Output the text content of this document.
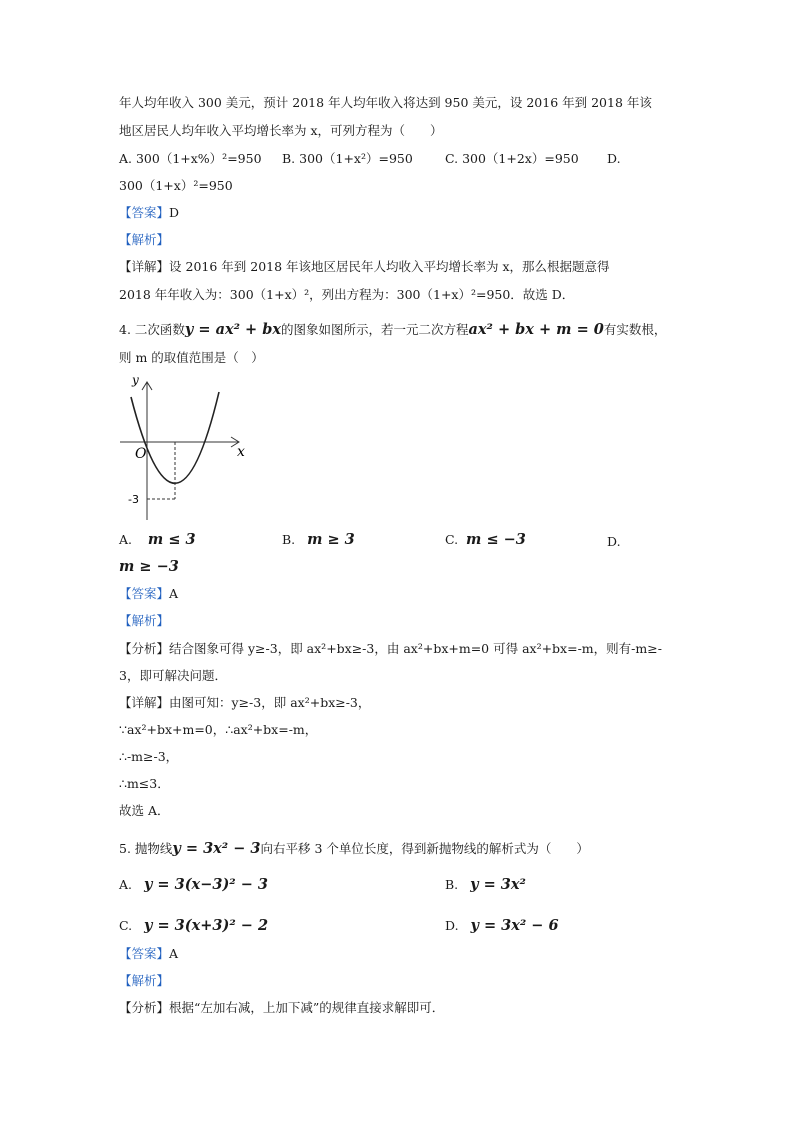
年人均年收入 300 美元，预计 2018 年人均年收入将达到 950 美元，设 2016 年到 2018 年该
地区居民人均年收入平均增长率为 x，可列方程为（　　）
A. 300（1+x%）²=950 B. 300（1+x²）=950	C. 300（1+2x）=950 D.
300（1+x）²=950
【答案】D
【解析】
【详解】设 2016 年到 2018 年该地区居民年人均收入平均增长率为 x，那么根据题意得
2018 年年收入为：300（1+x）²，列出方程为：300（1+x）²=950．故选 D．
4. 二次函数y = ax² + bx的图象如图所示，若一元二次方程ax² + bx + m = 0有实数根，
则 m 的取值范围是（　）
y
x
O
-3
A. m ≤ 3	B. m ≥ 3	C. m ≤ −3	D.
m ≥ −3
【答案】A
【解析】
【分析】结合图象可得 y≥-3，即 ax²+bx≥-3，由 ax²+bx+m=0 可得 ax²+bx=-m，则有-m≥-
3，即可解决问题．
【详解】由图可知：y≥-3，即 ax²+bx≥-3，
∵ax²+bx+m=0，∴ax²+bx=-m，
∴-m≥-3，
∴m≤3．
故选 A．
5. 抛物线y = 3x² − 3向右平移 3 个单位长度，得到新抛物线的解析式为（　　）
A. y = 3(x−3)² − 3	B. y = 3x²
C. y = 3(x+3)² − 2	D. y = 3x² − 6
【答案】A
【解析】
【分析】根据“左加右减，上加下减”的规律直接求解即可．
